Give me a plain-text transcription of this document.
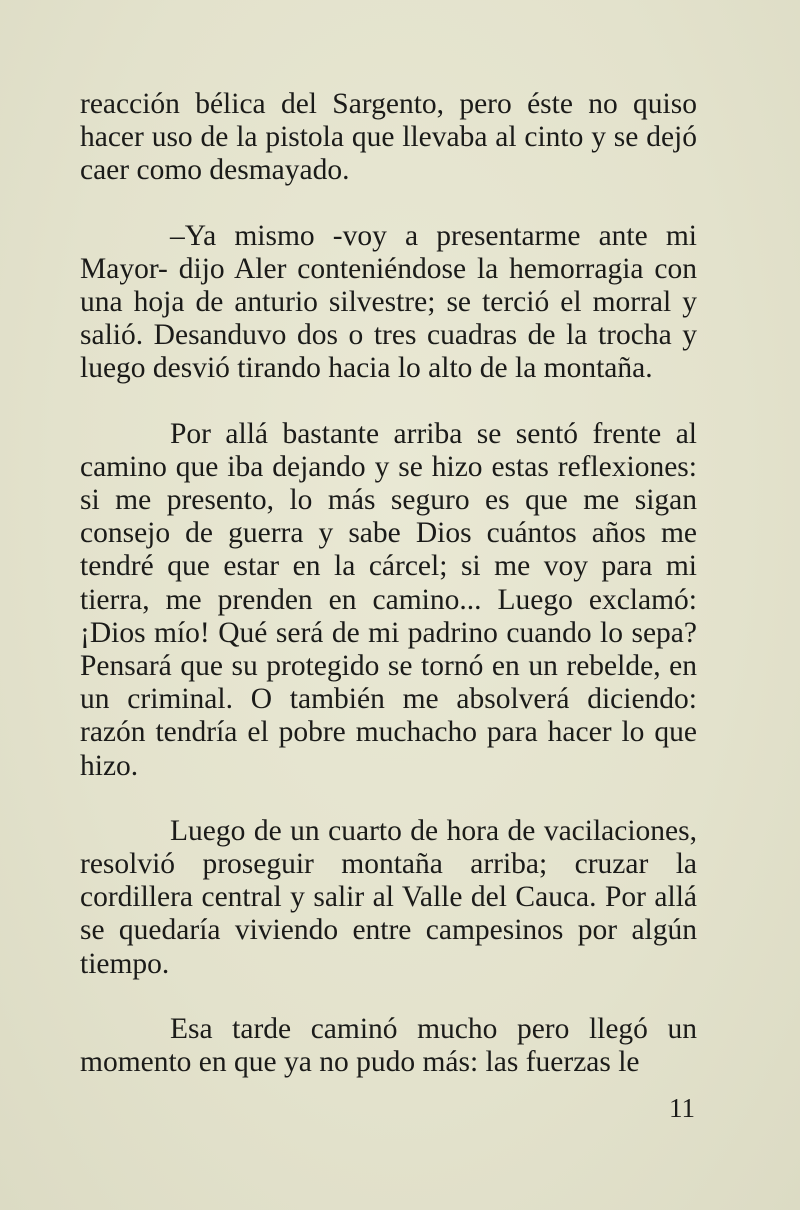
reacción bélica del Sargento, pero éste no quiso hacer uso de la pistola que llevaba al cinto y se dejó caer como desmayado.

–Ya mismo -voy a presentarme ante mi Mayor- dijo Aler conteniéndose la hemorragia con una hoja de anturio silvestre; se terció el morral y salió. Desanduvo dos o tres cuadras de la trocha y luego desvió tirando hacia lo alto de la montaña.

Por allá bastante arriba se sentó frente al camino que iba dejando y se hizo estas reflexiones: si me presento, lo más seguro es que me sigan consejo de guerra y sabe Dios cuántos años me tendré que estar en la cárcel; si me voy para mi tierra, me prenden en camino... Luego exclamó: ¡Dios mío! Qué será de mi padrino cuando lo sepa? Pensará que su protegido se tornó en un rebelde, en un criminal. O también me absolverá diciendo: razón tendría el pobre muchacho para hacer lo que hizo.

Luego de un cuarto de hora de vacilaciones, resolvió proseguir montaña arriba; cruzar la cordillera central y salir al Valle del Cauca. Por allá se quedaría viviendo entre campesinos por algún tiempo.

Esa tarde caminó mucho pero llegó un momento en que ya no pudo más: las fuerzas le

11
